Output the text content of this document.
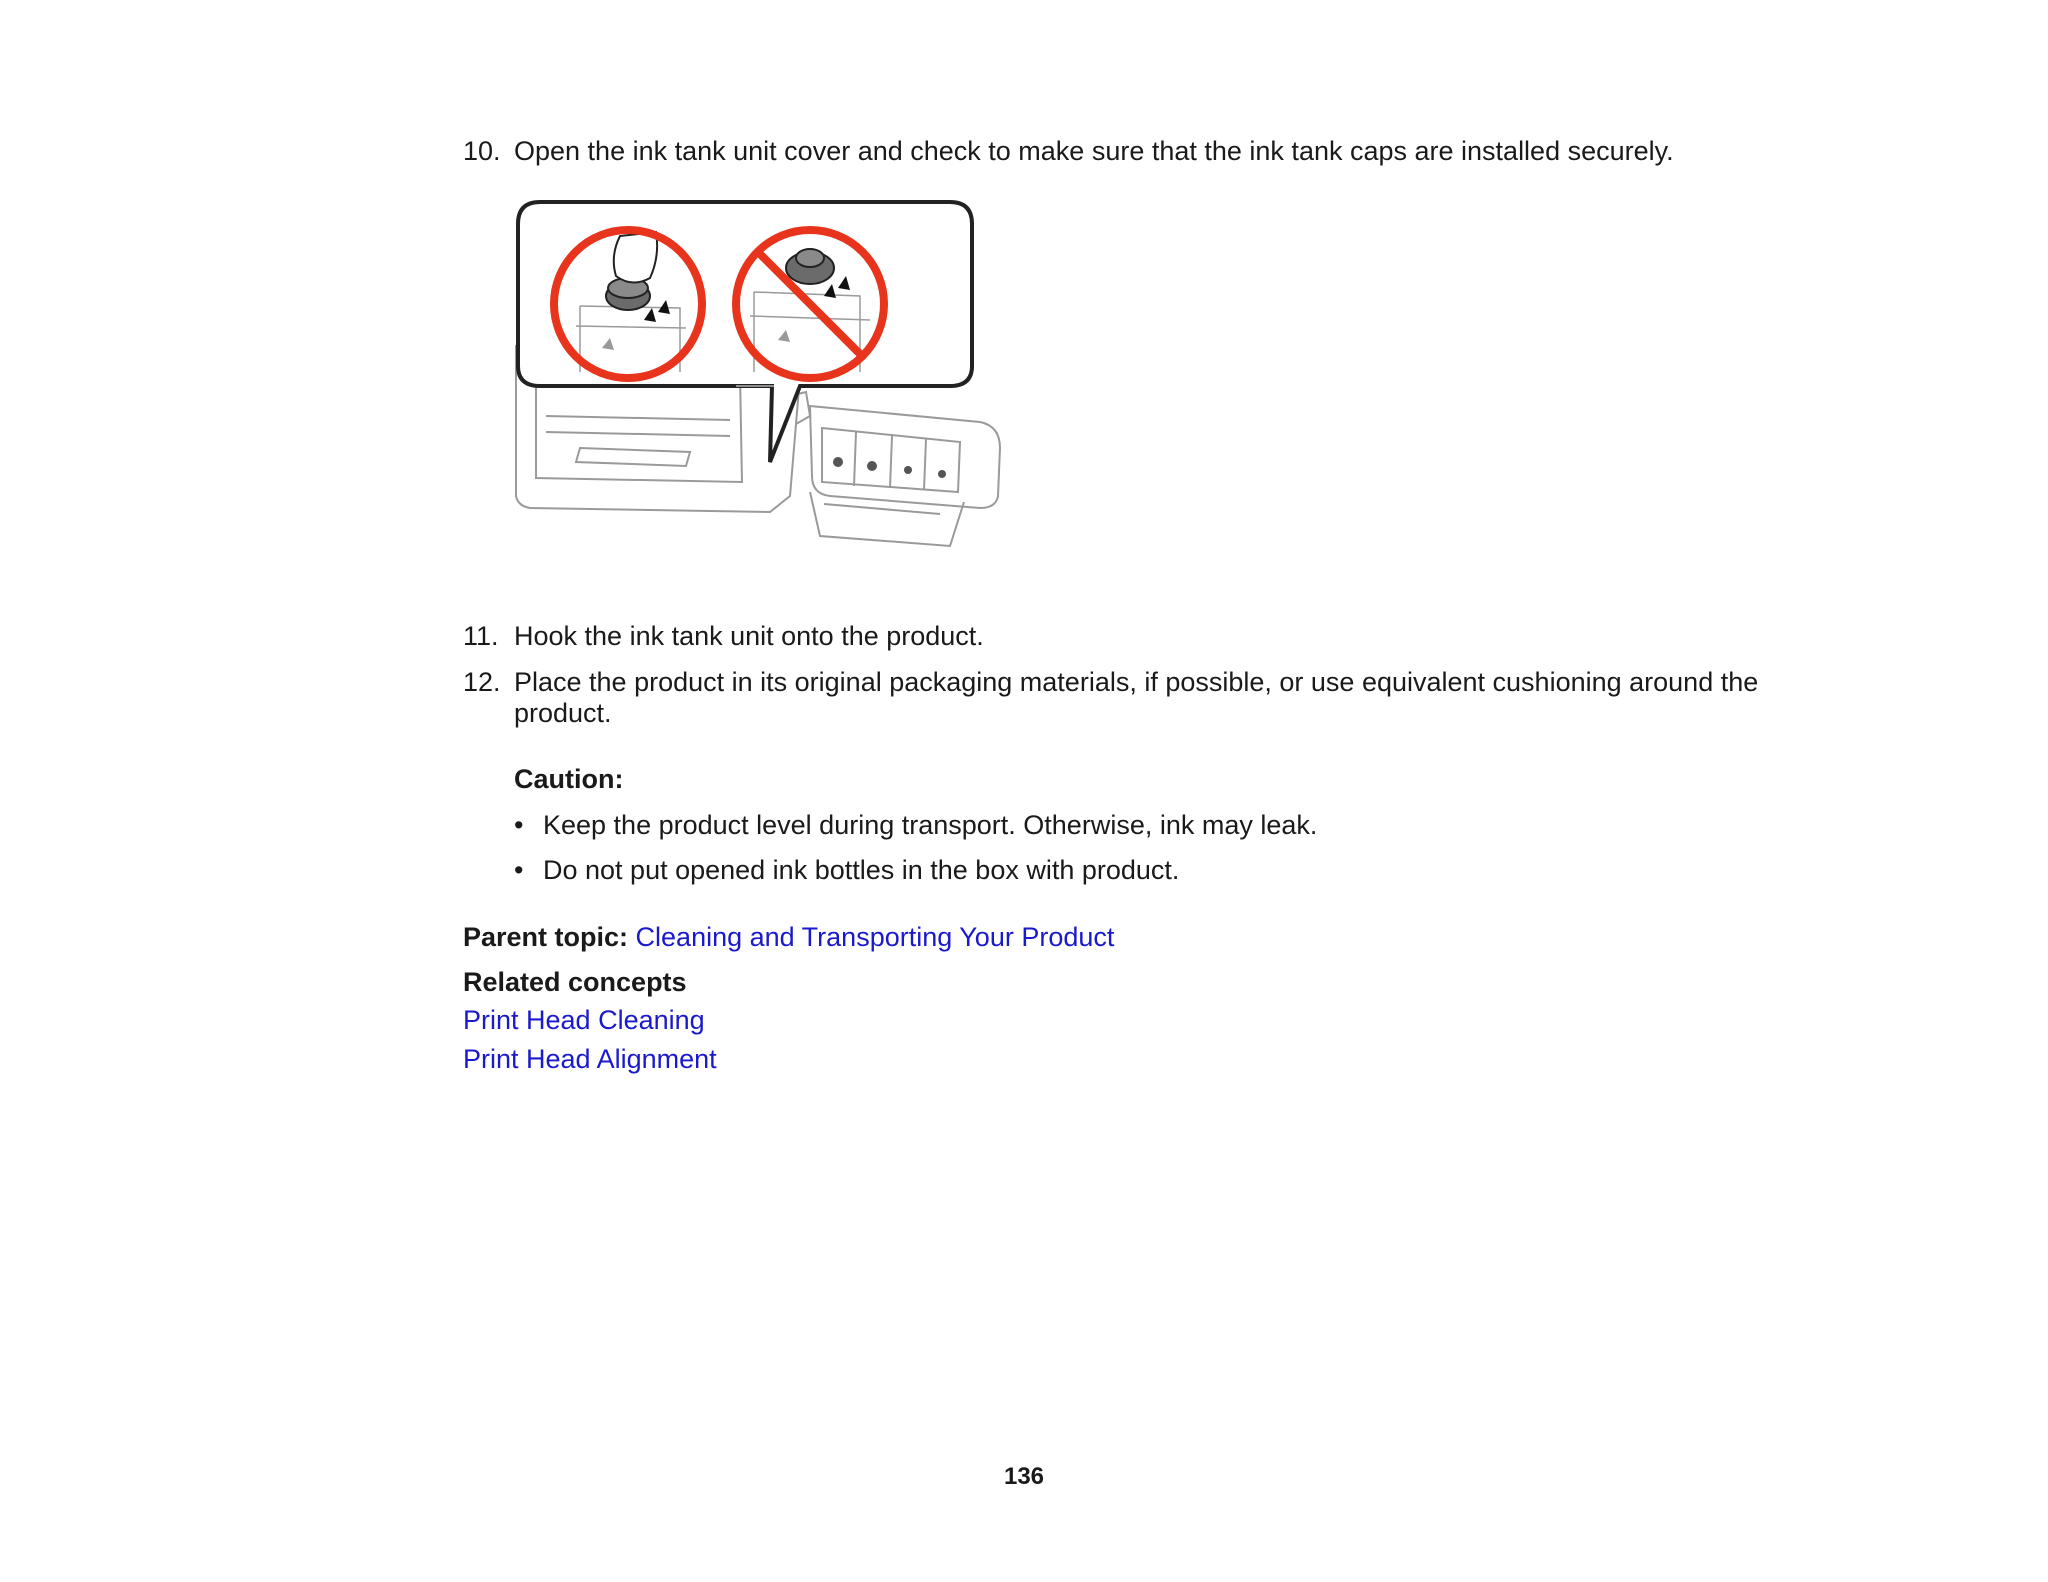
10. Open the ink tank unit cover and check to make sure that the ink tank caps are installed securely.
11. Hook the ink tank unit onto the product.
12. Place the product in its original packaging materials, if possible, or use equivalent cushioning around the product.
Caution:
• Keep the product level during transport. Otherwise, ink may leak.
• Do not put opened ink bottles in the box with product.
Parent topic: Cleaning and Transporting Your Product
Related concepts
Print Head Cleaning
Print Head Alignment
136
